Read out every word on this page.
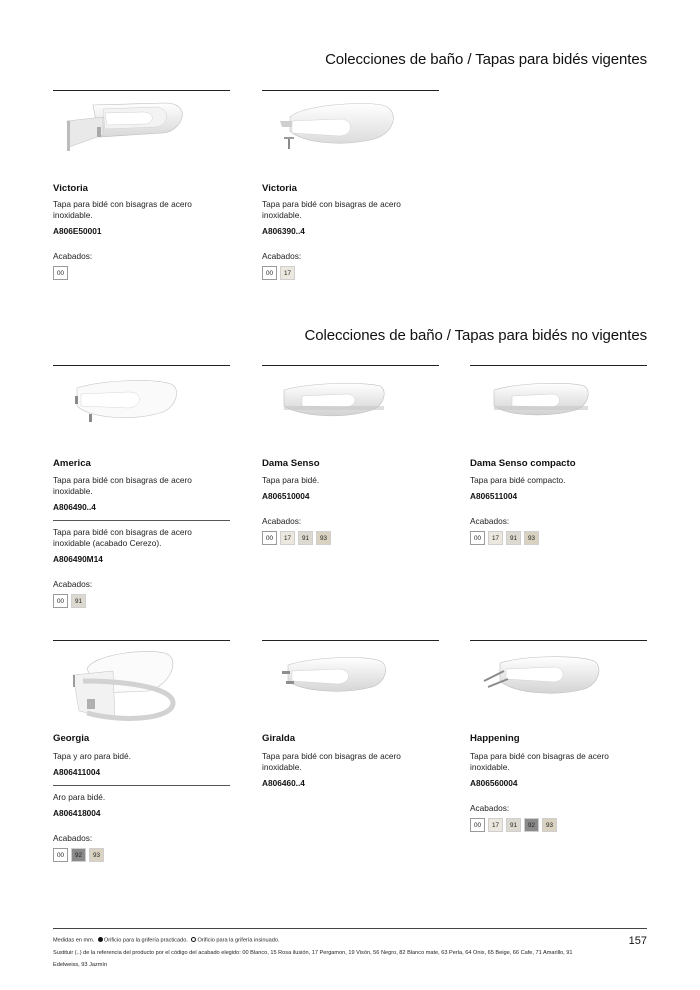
Colecciones de baño / Tapas para bidés vigentes
Colecciones de baño / Tapas para bidés no vigentes
Victoria
Tapa para bidé con bisagras de acero inoxidable.
A806E50001
Acabados:
00
Victoria
Tapa para bidé con bisagras de acero inoxidable.
A806390..4
Acabados:
00	17
America
Tapa para bidé con bisagras de acero inoxidable.
A806490..4
Tapa para bidé con bisagras de acero inoxidable (acabado Cerezo).
A806490M14
Acabados:
00	91
Dama Senso
Tapa para bidé.
A806510004
Acabados:
00	17	91	93
Dama Senso compacto
Tapa para bidé compacto.
A806511004
Acabados:
00	17	91	93
Georgia
Tapa y aro para bidé.
A806411004
Aro para bidé.
A806418004
Acabados:
00	92	93
Giralda
Tapa para bidé con bisagras de acero inoxidable.
A806460..4
Happening
Tapa para bidé con bisagras de acero inoxidable.
A806560004
Acabados:
00	17	91	92	93
Medidas en mm. Orificio para la grifería practicado. Orificio para la grifería insinuado.
Sustituir (..) de la referencia del producto por el código del acabado elegido: 00 Blanco, 15 Rosa ilusión, 17 Pergamon, 19 Visón, 56 Negro, 82 Blanco mate, 63 Perla, 64 Onix, 65 Beige, 66 Cafe, 71 Amarillo, 91
Edelweiss, 93 Jazmín
157
